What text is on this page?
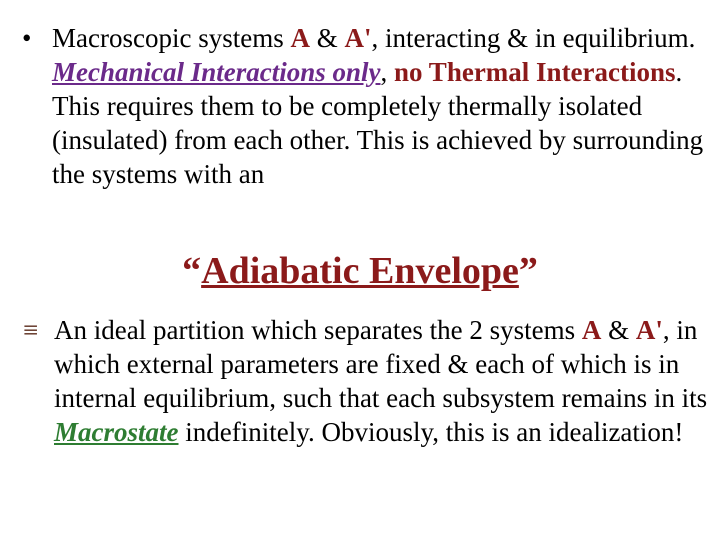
• Macroscopic systems A & A', interacting & in equilibrium. Mechanical Interactions only, no Thermal Interactions. This requires them to be completely thermally isolated (insulated) from each other. This is achieved by surrounding the systems with an
“Adiabatic Envelope”
≡ An ideal partition which separates the 2 systems A & A', in which external parameters are fixed & each of which is in internal equilibrium, such that each subsystem remains in its Macrostate indefinitely. Obviously, this is an idealization!
